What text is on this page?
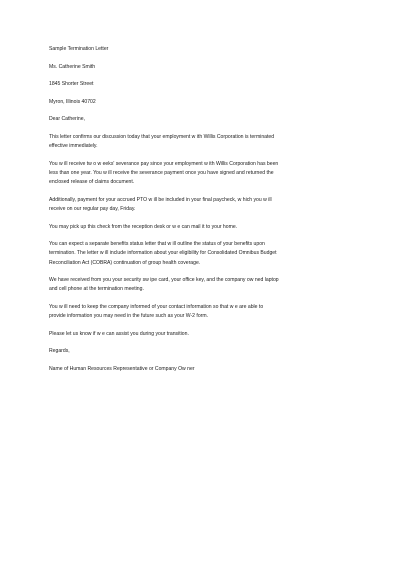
Sample Termination Letter

Ms. Catherine Smith

1845 Shorter Street

Myron, Illinois 40702

Dear Catherine,

This letter confirms our discussion today that your employment w ith Willis Corporation is terminated
effective immediately.

You w ill receive tw o w eeks' severance pay since your employment w ith Willis Corporation has been
less than one year. You w ill receive the severance payment once you have signed and returned the
enclosed release of claims document.

Additionally, payment for your accrued PTO w ill be included in your final paycheck, w hich you w ill
receive on our regular pay day, Friday.

You may pick up this check from the reception desk or w e can mail it to your home.

You can expect a separate benefits status letter that w ill outline the status of your benefits upon
termination. The letter w ill include information about your eligibility for Consolidated Omnibus Budget
Reconciliation Act (COBRA) continuation of group health coverage.

We have received from you your security sw ipe card, your office key, and the company ow ned laptop
and cell phone at the termination meeting.

You w ill need to keep the company informed of your contact information so that w e are able to
provide information you may need in the future such as your W-2 form.

Please let us know if w e can assist you during your transition.

Regards,

Name of Human Resources Representative or Company Ow ner
